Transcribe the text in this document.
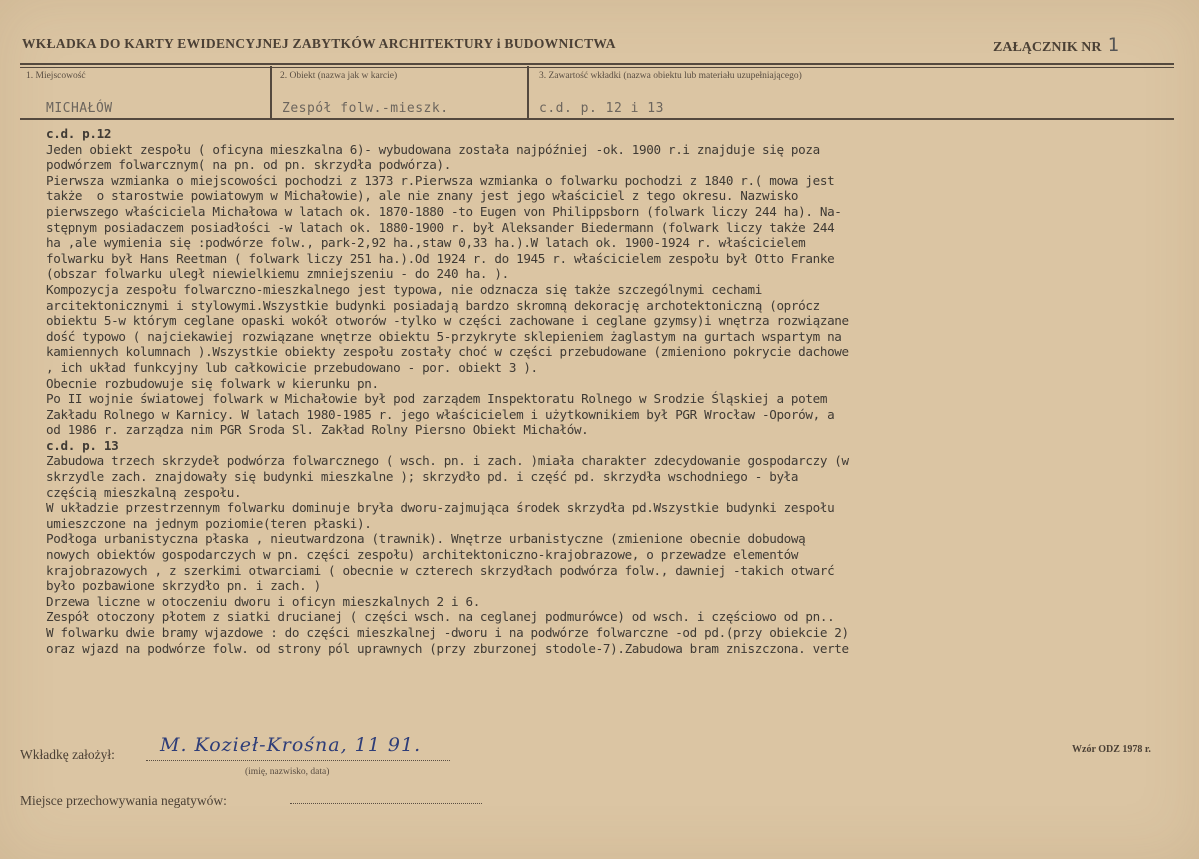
WKŁADKA DO KARTY EWIDENCYJNEJ ZABYTKÓW ARCHITEKTURY i BUDOWNICTWA	ZAŁĄCZNIK NR 1
1. Miejscowość
MICHAŁÓW
2. Obiekt (nazwa jak w karcie)
Zespół folw.-mieszk.
3. Zawartość wkładki (nazwa obiektu lub materiału uzupełniającego)
c.d. p. 12 i 13
c.d. p.12
Jeden obiekt zespołu ( oficyna mieszkalna 6)- wybudowana została najpóźniej -ok. 1900 r.i znajduje się poza
podwórzem folwarcznym( na pn. od pn. skrzydła podwórza).
Pierwsza wzmianka o miejscowości pochodzi z 1373 r.Pierwsza wzmianka o folwarku pochodzi z 1840 r.( mowa jest
także  o starostwie powiatowym w Michałowie), ale nie znany jest jego właściciel z tego okresu. Nazwisko
pierwszego właściciela Michałowa w latach ok. 1870-1880 -to Eugen von Philippsborn (folwark liczy 244 ha). Na-
stępnym posiadaczem posiadłości -w latach ok. 1880-1900 r. był Aleksander Biedermann (folwark liczy także 244
ha ,ale wymienia się :podwórze folw., park-2,92 ha.,staw 0,33 ha.).W latach ok. 1900-1924 r. właścicielem
folwarku był Hans Reetman ( folwark liczy 251 ha.).Od 1924 r. do 1945 r. właścicielem zespołu był Otto Franke
(obszar folwarku uległ niewielkiemu zmniejszeniu - do 240 ha. ).
Kompozycja zespołu folwarczno-mieszkalnego jest typowa, nie odznacza się także szczególnymi cechami
arcitektonicznymi i stylowymi.Wszystkie budynki posiadają bardzo skromną dekorację archotektoniczną (oprócz
obiektu 5-w którym ceglane opaski wokół otworów -tylko w części zachowane i ceglane gzymsy)i wnętrza rozwiązane
dość typowo ( najciekawiej rozwiązane wnętrze obiektu 5-przykryte sklepieniem żaglastym na gurtach wspartym na
kamiennych kolumnach ).Wszystkie obiekty zespołu zostały choć w części przebudowane (zmieniono pokrycie dachowe
, ich układ funkcyjny lub całkowicie przebudowano - por. obiekt 3 ).
Obecnie rozbudowuje się folwark w kierunku pn.
Po II wojnie światowej folwark w Michałowie był pod zarządem Inspektoratu Rolnego w Srodzie Śląskiej a potem
Zakładu Rolnego w Karnicy. W latach 1980-1985 r. jego właścicielem i użytkownikiem był PGR Wrocław -Oporów, a
od 1986 r. zarządza nim PGR Sroda Sl. Zakład Rolny Piersno Obiekt Michałów.
c.d. p. 13
Zabudowa trzech skrzydeł podwórza folwarcznego ( wsch. pn. i zach. )miała charakter zdecydowanie gospodarczy (w
skrzydle zach. znajdowały się budynki mieszkalne ); skrzydło pd. i część pd. skrzydła wschodniego - była
częścią mieszkalną zespołu.
W układzie przestrzennym folwarku dominuje bryła dworu-zajmująca środek skrzydła pd.Wszystkie budynki zespołu
umieszczone na jednym poziomie(teren płaski).
Podłoga urbanistyczna płaska , nieutwardzona (trawnik). Wnętrze urbanistyczne (zmienione obecnie dobudową
nowych obiektów gospodarczych w pn. części zespołu) architektoniczno-krajobrazowe, o przewadze elementów
krajobrazowych , z szerkimi otwarciami ( obecnie w czterech skrzydłach podwórza folw., dawniej -takich otwarć
było pozbawione skrzydło pn. i zach. )
Drzewa liczne w otoczeniu dworu i oficyn mieszkalnych 2 i 6.
Zespół otoczony płotem z siatki drucianej ( części wsch. na ceglanej podmurówce) od wsch. i częściowo od pn..
W folwarku dwie bramy wjazdowe : do części mieszkalnej -dworu i na podwórze folwarczne -od pd.(przy obiekcie 2)
oraz wjazd na podwórze folw. od strony pól uprawnych (przy zburzonej stodole-7).Zabudowa bram zniszczona. verte
Wkładkę założył: M. Kozieł-Krośna, 11 91.
(imię, nazwisko, data)
Wzór ODZ 1978 r.
Miejsce przechowywania negatywów:
